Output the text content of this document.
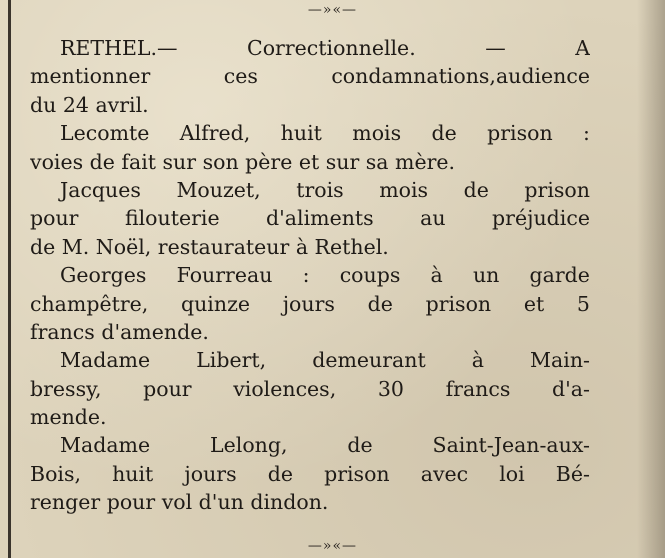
—»«—
RETHEL.—	Correctionnelle.	—	A
mentionner	ces	condamnations,audience
du 24 avril.
Lecomte Alfred, huit mois de prison :
voies de fait sur son père et sur sa mère.
Jacques Mouzet, trois mois de prison
pour filouterie d'aliments au préjudice
de M. Noël, restaurateur à Rethel.
Georges Fourreau : coups à un garde
champêtre, quinze jours de prison et 5
francs d'amende.
Madame Libert, demeurant à Main-
bressy, pour violences, 30 francs d'a-
mende.
Madame	Lelong,	de	Saint-Jean-aux-
Bois, huit jours de prison avec loi Bé-
renger pour vol d'un dindon.
—»«—
